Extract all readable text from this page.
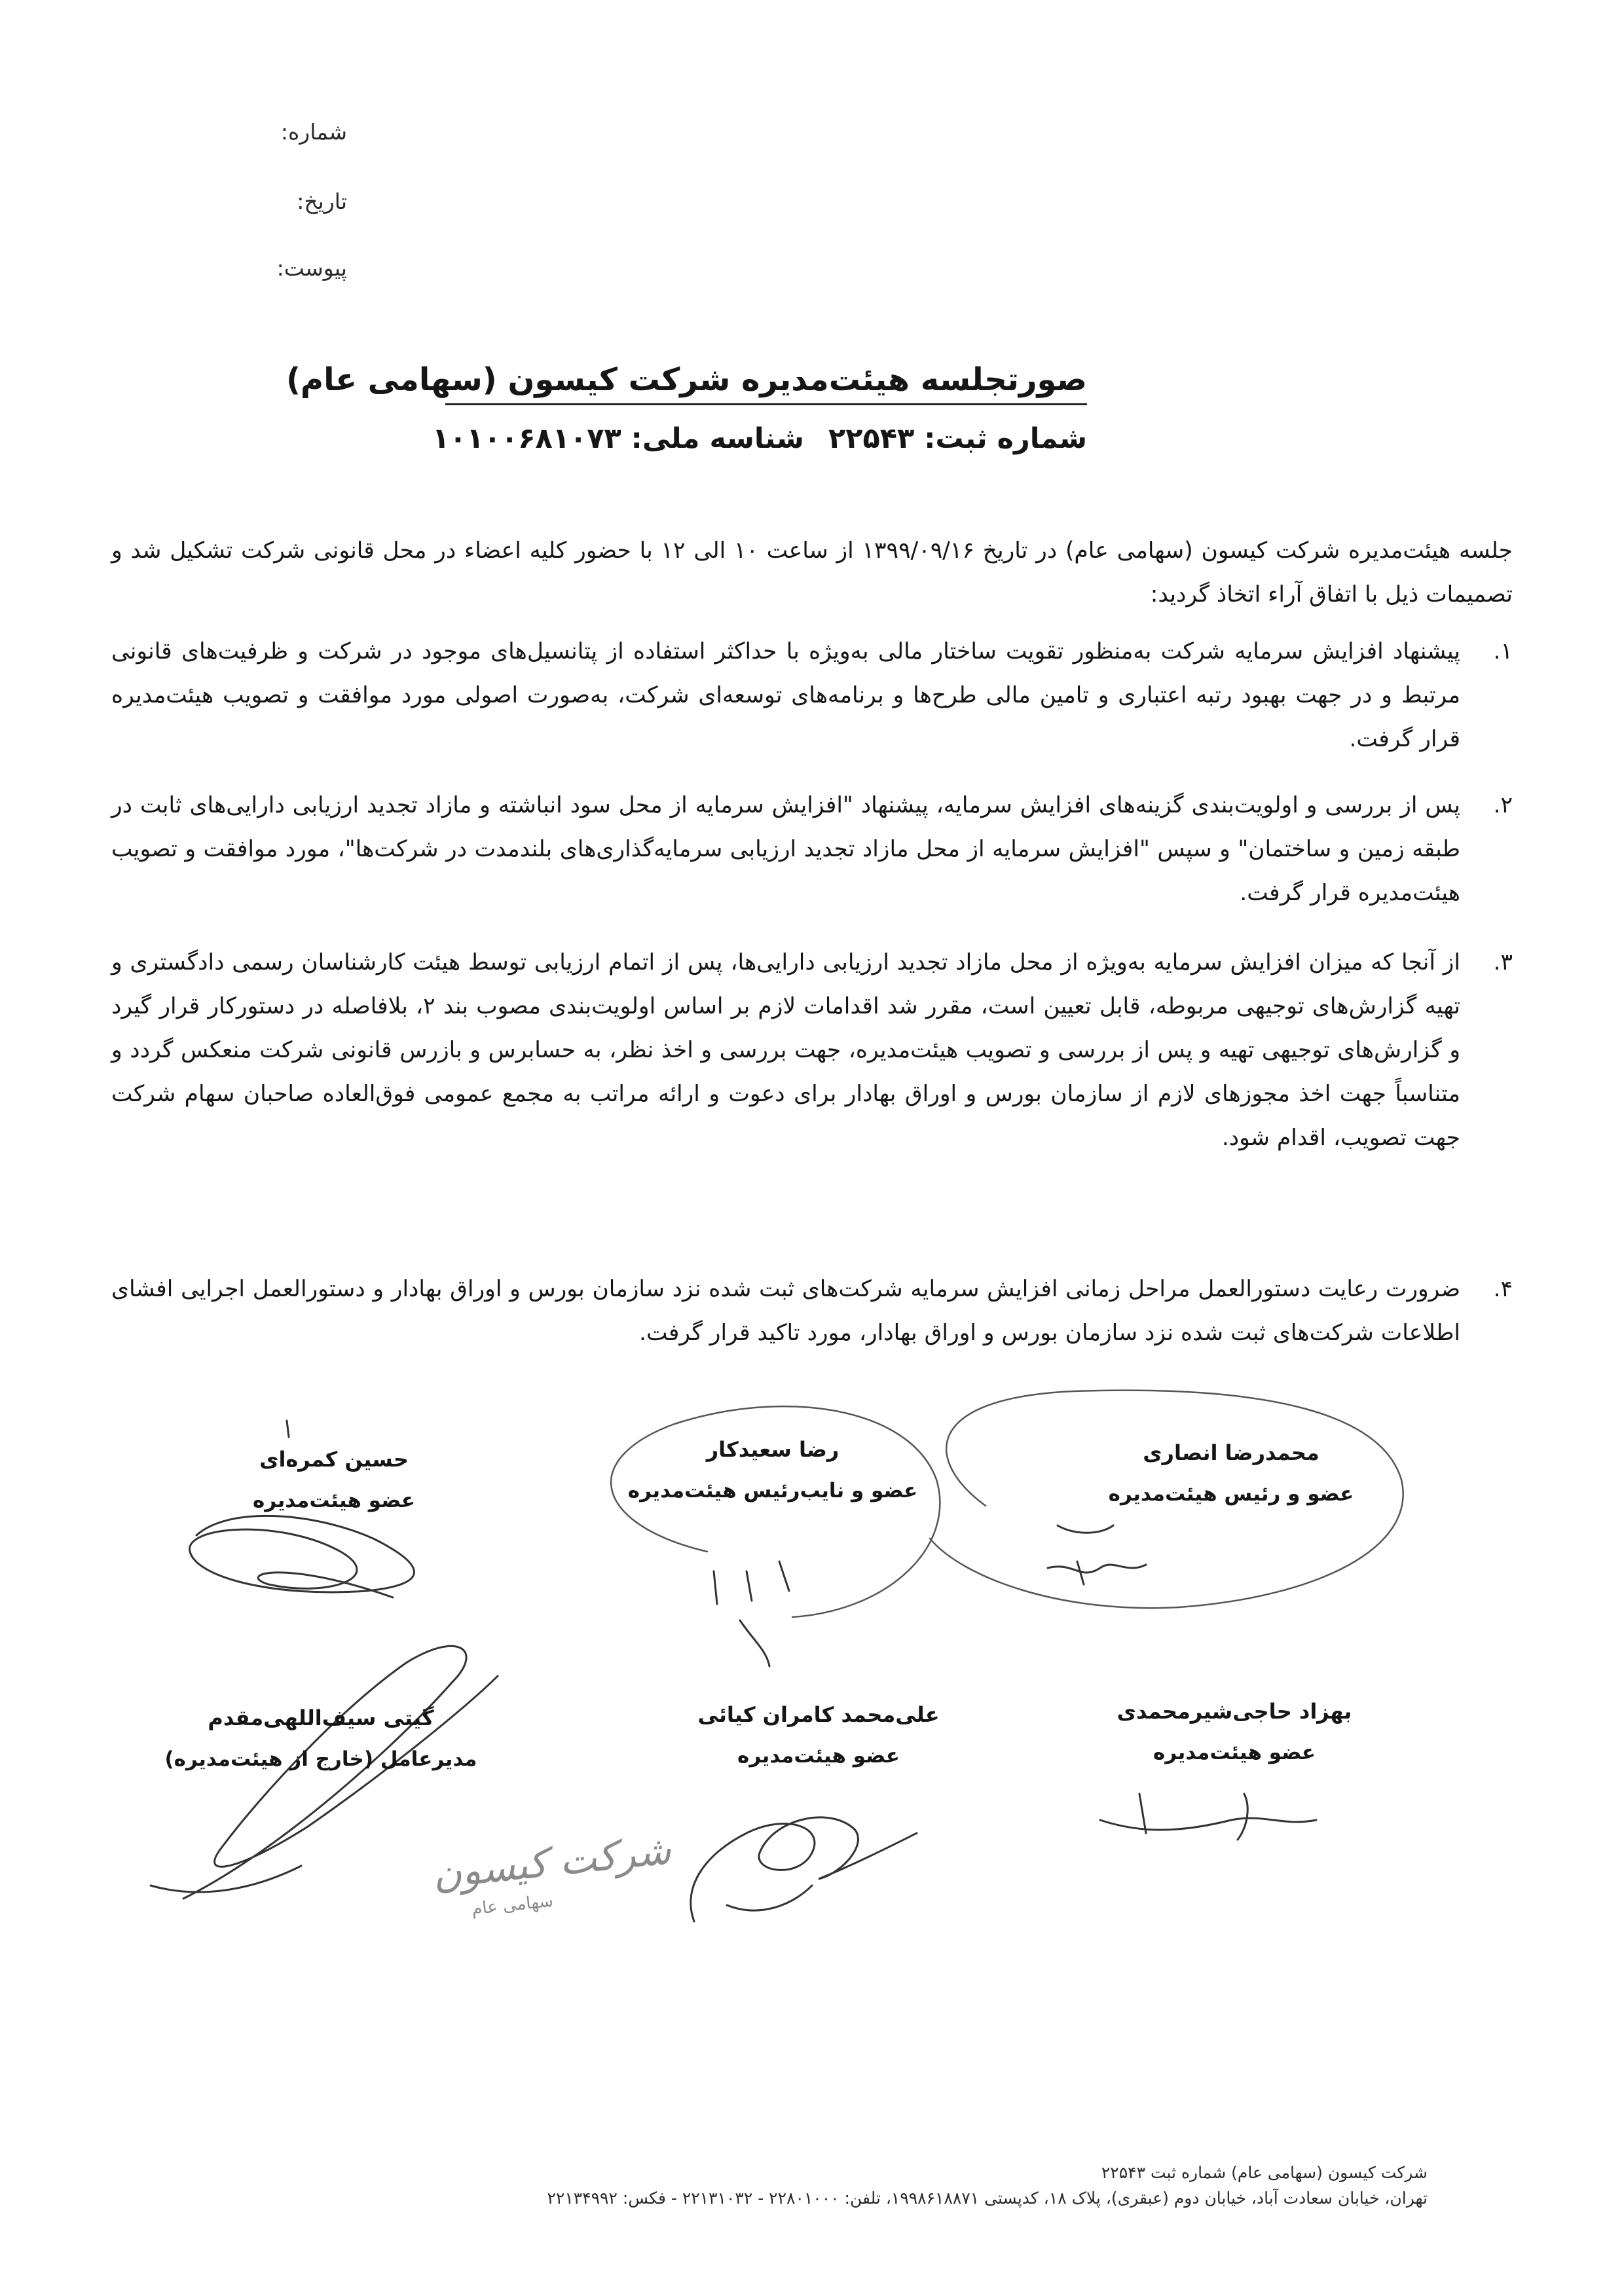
شماره:
تاریخ:
پیوست:
صورتجلسه هیئت‌مدیره شرکت کیسون (سهامی عام)
شماره ثبت: ۲۲۵۴۳
شناسه ملی: ۱۰۱۰۰۶۸۱۰۷۳
جلسه هیئت‌مدیره شرکت کیسون (سهامی عام) در تاریخ ۱۳۹۹/۰۹/۱۶ از ساعت ۱۰ الی ۱۲ با حضور کلیه اعضاء در محل قانونی شرکت تشکیل شد و تصمیمات ذیل با اتفاق آراء اتخاذ گردید:
۱.
پیشنهاد افزایش سرمایه شرکت به‌منظور تقویت ساختار مالی به‌ویژه با حداکثر استفاده از پتانسیل‌های موجود در شرکت و ظرفیت‌های قانونی مرتبط و در جهت بهبود رتبه اعتباری و تامین مالی طرح‌ها و برنامه‌های توسعه‌ای شرکت، به‌صورت اصولی مورد موافقت و تصویب هیئت‌مدیره قرار گرفت.
۲.
پس از بررسی و اولویت‌بندی گزینه‌های افزایش سرمایه، پیشنهاد "افزایش سرمایه از محل سود انباشته و مازاد تجدید ارزیابی دارایی‌های ثابت در طبقه زمین و ساختمان" و سپس "افزایش سرمایه از محل مازاد تجدید ارزیابی سرمایه‌گذاری‌های بلندمدت در شرکت‌ها"، مورد موافقت و تصویب هیئت‌مدیره قرار گرفت.
۳.
از آنجا که میزان افزایش سرمایه به‌ویژه از محل مازاد تجدید ارزیابی دارایی‌ها، پس از اتمام ارزیابی توسط هیئت کارشناسان رسمی دادگستری و تهیه گزارش‌های توجیهی مربوطه، قابل تعیین است، مقرر شد اقدامات لازم بر اساس اولویت‌بندی مصوب بند ۲، بلافاصله در دستورکار قرار گیرد و گزارش‌های توجیهی تهیه و پس از بررسی و تصویب هیئت‌مدیره، جهت بررسی و اخذ نظر، به حسابرس و بازرس قانونی شرکت منعکس گردد و متناسباً جهت اخذ مجوزهای لازم از سازمان بورس و اوراق بهادار برای دعوت و ارائه مراتب به مجمع عمومی فوق‌العاده صاحبان سهام شرکت جهت تصویب، اقدام شود.
۴.
ضرورت رعایت دستورالعمل مراحل زمانی افزایش سرمایه شرکت‌های ثبت شده نزد سازمان بورس و اوراق بهادار و دستورالعمل اجرایی افشای اطلاعات شرکت‌های ثبت شده نزد سازمان بورس و اوراق بهادار، مورد تاکید قرار گرفت.
محمدرضا انصاری
عضو و رئیس هیئت‌مدیره
رضا سعیدکار
عضو و نایب‌رئیس هیئت‌مدیره
حسین کمره‌ای
عضو هیئت‌مدیره
بهزاد حاجی‌شیرمحمدی
عضو هیئت‌مدیره
علی‌محمد کامران کیائی
عضو هیئت‌مدیره
گیتی سیف‌اللهی‌مقدم
مدیرعامل (خارج از هیئت‌مدیره)
شرکت کیسون
سهامی عام
شرکت کیسون (سهامی عام) شماره ثبت ۲۲۵۴۳
تهران، خیابان سعادت آباد، خیابان دوم (عبقری)، پلاک ۱۸، کدپستی ۱۹۹۸۶۱۸۸۷۱، تلفن: ۲۲۸۰۱۰۰۰ - ۲۲۱۳۱۰۳۲ - فکس: ۲۲۱۳۴۹۹۲
